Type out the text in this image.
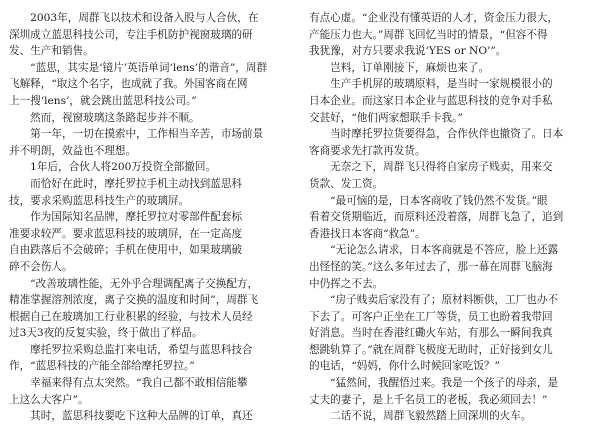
　　2003年，周群飞以技术和设备入股与人合伙，在
深圳成立蓝思科技公司，专注手机防护视窗玻璃的研
发、生产和销售。
　　“蓝思，其实是‘镜片’英语单词‘lens’的谐音”，周群
飞解释，“取这个名字，也成就了我。外国客商在网
上一搜‘lens’，就会跳出蓝思科技公司。”
　　然而，视窗玻璃这条路起步并不顺。
　　第一年，一切在摸索中，工作相当辛苦，市场前景
并不明朗，效益也不理想。
　　1年后，合伙人将200万投资全部撤回。
　　而恰好在此时，摩托罗拉手机主动找到蓝思科
技，要求采购蓝思科技生产的玻璃屏。
　　作为国际知名品牌，摩托罗拉对零部件配套标
准要求较严。要求蓝思科技的玻璃屏，在一定高度
自由跌落后不会破碎；手机在使用中，如果玻璃破
碎不会伤人。
　　“改善玻璃性能，无外乎合理调配离子交换配方，
精准掌握溶剂浓度，离子交换的温度和时间”，周群飞
根据自己在玻璃加工行业积累的经验，与技术人员经
过3天3夜的反复实验，终于做出了样品。
　　摩托罗拉采购总监打来电话，希望与蓝思科技合
作，“蓝思科技的产能全部给摩托罗拉。”
　　幸福来得有点太突然。“我自己都不敢相信能攀
上这么大客户”。
　　其时，蓝思科技要吃下这种大品牌的订单，真还
有点心虚。“企业没有懂英语的人才，资金压力很大，
产能压力也大。”周群飞回忆当时的情景，“但容不得
我犹豫，对方只要求我说‘YES or NO’”。
　　岂料，订单刚接下，麻烦也来了。
　　生产手机屏的玻璃原料，是当时一家规模很小的
日本企业。而这家日本企业与蓝思科技的竞争对手私
交甚好，“他们两家想联手卡我。”
　　当时摩托罗拉货要得急，合作伙伴也撤资了。日本
客商要求先打款再发货。
　　无奈之下，周群飞只得将自家房子贱卖，用来交
货款、发工资。
　　“最可恼的是，日本客商收了钱仍然不发货。”眼
看着交货期临近，而原料还没着落，周群飞急了，追到
香港找日本客商“救急”。
　　“无论怎么请求，日本客商就是不答应，脸上还露
出怪怪的笑。”这么多年过去了，那一幕在周群飞脑海
中仍挥之不去。
　　“房子贱卖后家没有了；原材料断供，工厂也办不
下去了。可客户正坐在工厂等货，员工也盼着我带回
好消息。当时在香港红磡火车站，有那么一瞬间我真
想跳轨算了。”就在周群飞极度无助时，正好接到女儿
的电话，“妈妈，你什么时候回家吃饭？”
　　“猛然间，我醒悟过来。我是一个孩子的母亲，是
丈夫的妻子，是上千名员工的老板，我必须回去！”
　　二话不说，周群飞毅然踏上回深圳的火车。
